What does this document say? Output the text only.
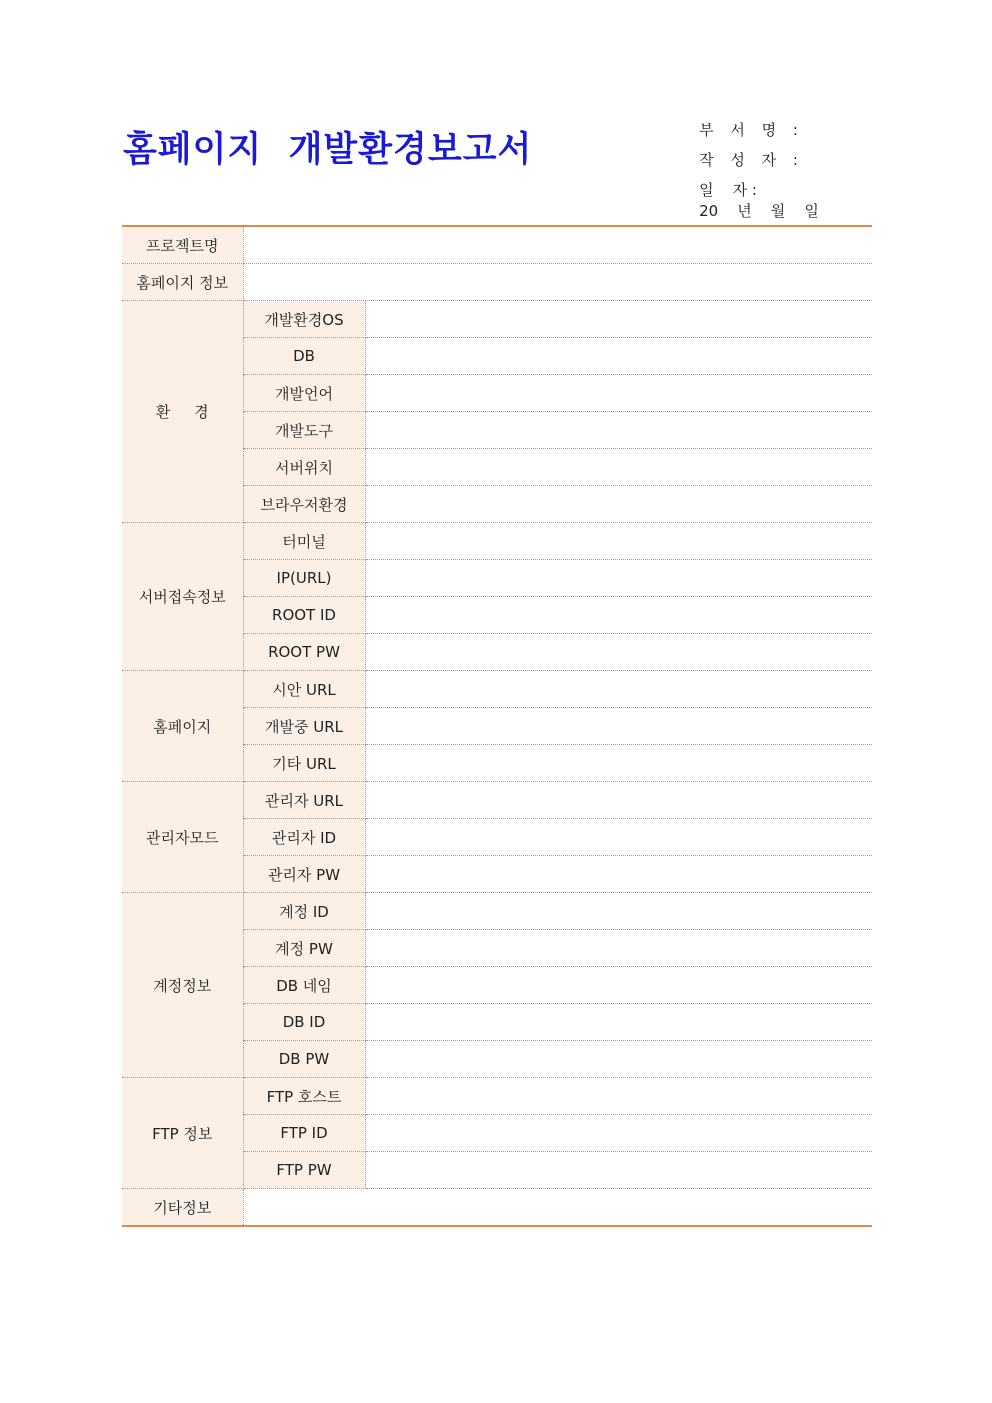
홈페이지  개발환경보고서	부 서 명 :

작 성 자 :

일    자 :
20    년    월    일

프로젝트명		
홈페이지 정보		
환     경	개발환경OS	
	DB	
	개발언어	
	개발도구	
	서버위치	
	브라우저환경	
서버접속정보	터미널	
	IP(URL)	
	ROOT ID	
	ROOT PW	
홈페이지	시안 URL	
	개발중 URL	
	기타 URL	
관리자모드	관리자 URL	
	관리자 ID	
	관리자 PW	
계정정보	계정 ID	
	계정 PW	
	DB 네임	
	DB ID	
	DB PW	
FTP 정보	FTP 호스트	
	FTP ID	
	FTP PW	
기타정보		
